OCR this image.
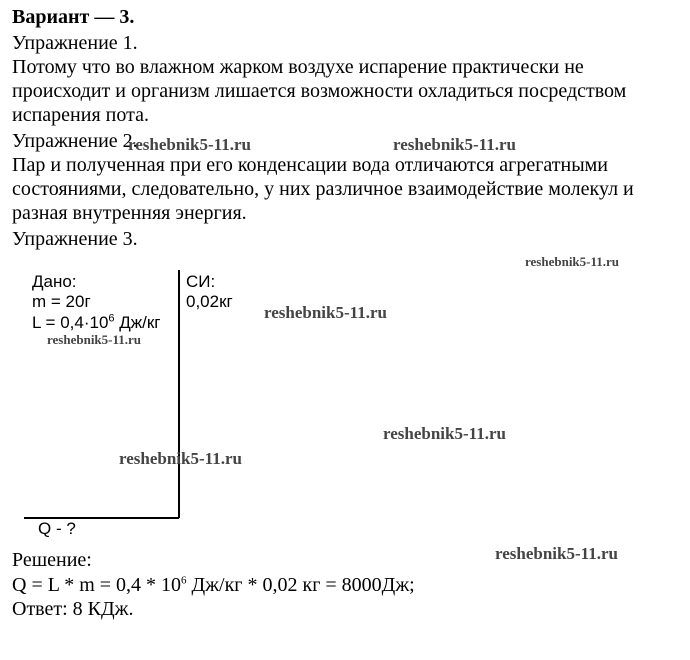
Вариант — 3.
Упражнение 1.
Потому что во влажном жарком воздухе испарение практически не
происходит и организм лишается возможности охладиться посредством
испарения пота.
Упражнение 2.
Пар и полученная при его конденсации вода отличаются агрегатными
состояниями, следовательно, у них различное взаимодействие молекул и
разная внутренняя энергия.
Упражнение 3.
Дано:
m = 20г
$L = 0,4\cdot 10^6$ Дж/кг
Q - ?
СИ:
0,02кг
Решение:
$Q = L * m = 0,4 * 10^6$ Дж/кг * 0,02 кг = 8000Дж;
Ответ: 8 КДж.
reshebnik5-11.ru	reshebnik5-11.ru
reshebnik5-11.ru
reshebnik5-11.ru
reshebnik5-11.ru
reshebnik5-11.ru
reshebnik5-11.ru
reshebnik5-11.ru
